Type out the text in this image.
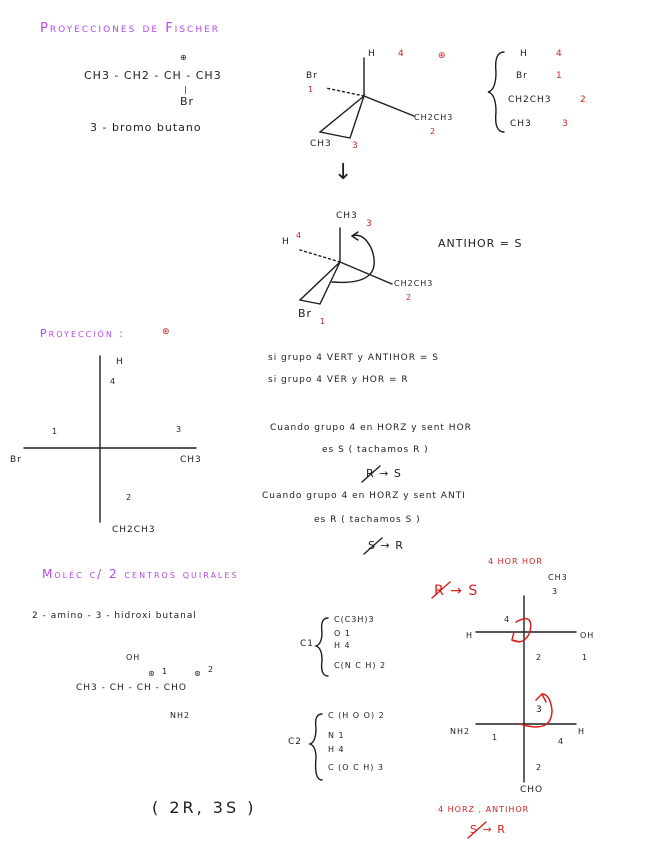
Proyecciones de Fischer
⊕
CH3 - CH2 - CH - CH3
|
Br
3 - bromo butano
H 4	⊕
Br
1
CH2CH3
2
CH3 3
H	4
Br	1
CH2CH3	2
CH3	3
↓
CH3
3
H
4
CH2CH3
2
Br
1
ANTIHOR = S
Proyección :	⊕
H
4
Br
1
CH3
3
CH2CH3
2
si grupo 4 VERT y ANTIHOR = S
si grupo 4 VER y HOR = R
Cuando grupo 4 en HORZ y sent HOR
es S ( tachamos R )
R → S
Cuando grupo 4 en HORZ y sent ANTI
es R ( tachamos S )
S → R
Moléc c/ 2 centros quirales
2 - amino - 3 - hidroxi butanal
OH
⊛ 1	⊛ 2
CH3 - CH - CH - CHO
NH2
C1
C(C3H)3
O 1
H 4
C(N C H) 2
C2
C (H O O) 2
N 1
H 4
C (O C H) 3
( 2R, 3S )
4 HOR HOR
R → S
CH3
3
H
4
OH
1
2
NH2
1
H
4
3
2
CHO
4 HORZ , ANTIHOR
S → R
